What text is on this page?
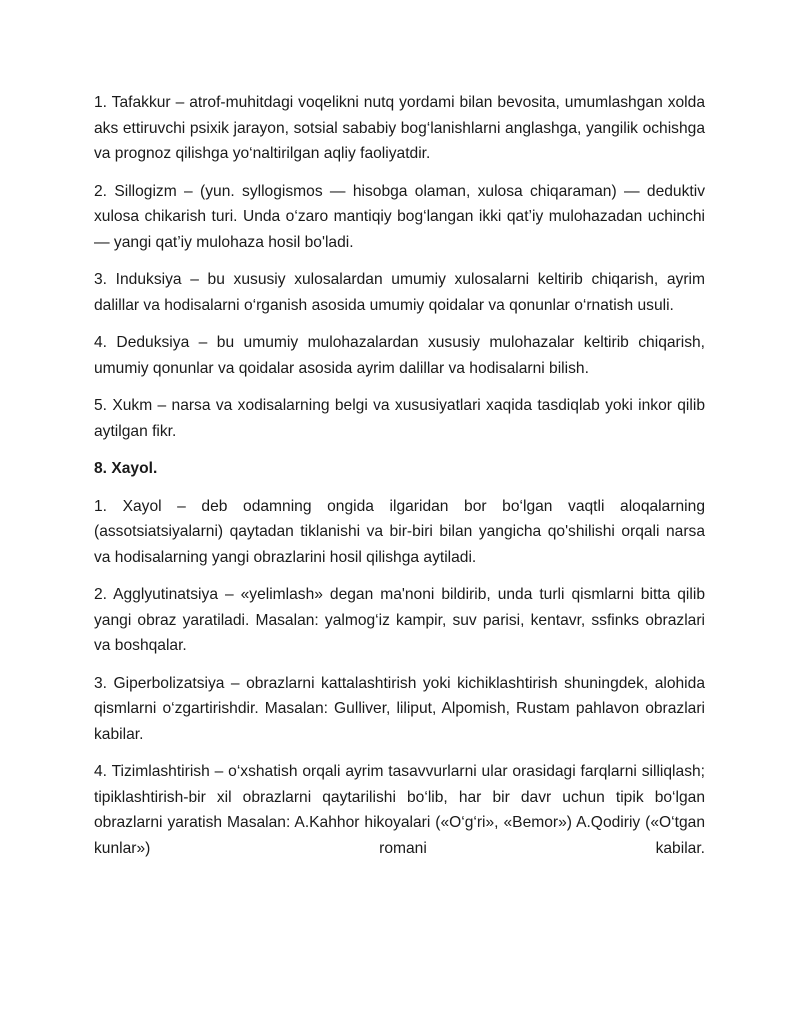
1. Tafakkur – atrof-muhitdagi voqelikni nutq yordami bilan bevosita, umumlashgan xolda aks ettiruvchi psixik jarayon, sotsial sababiy bog‘lanishlarni anglashga, yangilik ochishga va prognoz qilishga yo‘naltirilgan aqliy faoliyatdir.

2. Sillogizm – (yun. syllogismos — hisobga olaman, xulosa chiqaraman) — deduktiv xulosa chikarish turi. Unda o‘zaro mantiqiy bog‘langan ikki qat’iy mulohazadan uchinchi — yangi qat’iy mulohaza hosil bo'ladi.

3. Induksiya – bu xususiy xulosalardan umumiy xulosalarni keltirib chiqarish, ayrim dalillar va hodisalarni o‘rganish asosida umumiy qoidalar va qonunlar o‘rnatish usuli.

4. Deduksiya – bu umumiy mulohazalardan xususiy mulohazalar keltirib chiqarish, umumiy qonunlar va qoidalar asosida ayrim dalillar va hodisalarni bilish.

5. Xukm – narsa va xodisalarning belgi va xususiyatlari xaqida tasdiqlab yoki inkor qilib aytilgan fikr.

8. Xayol.

1. Xayol – deb odamning ongida ilgaridan bor bo‘lgan vaqtli aloqalarning (assotsiatsiyalarni) qaytadan tiklanishi va bir-biri bilan yangicha qo'shilishi orqali narsa va hodisalarning yangi obrazlarini hosil qilishga aytiladi.

2. Agglyutinatsiya – «yelimlash» degan ma'noni bildirib, unda turli qismlarni bitta qilib yangi obraz yaratiladi. Masalan: yalmog‘iz kampir, suv parisi, kentavr, ssfinks obrazlari va boshqalar.

3. Giperbolizatsiya – obrazlarni kattalashtirish yoki kichiklashtirish shuningdek, alohida qismlarni o‘zgartirishdir. Masalan: Gulliver, liliput, Alpomish, Rustam pahlavon obrazlari kabilar.

4. Tizimlashtirish – o‘xshatish orqali ayrim tasavvurlarni ular orasidagi farqlarni silliqlash; tipiklashtirish-bir xil obrazlarni qaytarilishi bo‘lib, har bir davr uchun tipik bo‘lgan obrazlarni yaratish Masalan: A.Kahhor hikoyalari («O‘g‘ri», «Bemor») A.Qodiriy («O‘tgan kunlar») romani kabilar.
